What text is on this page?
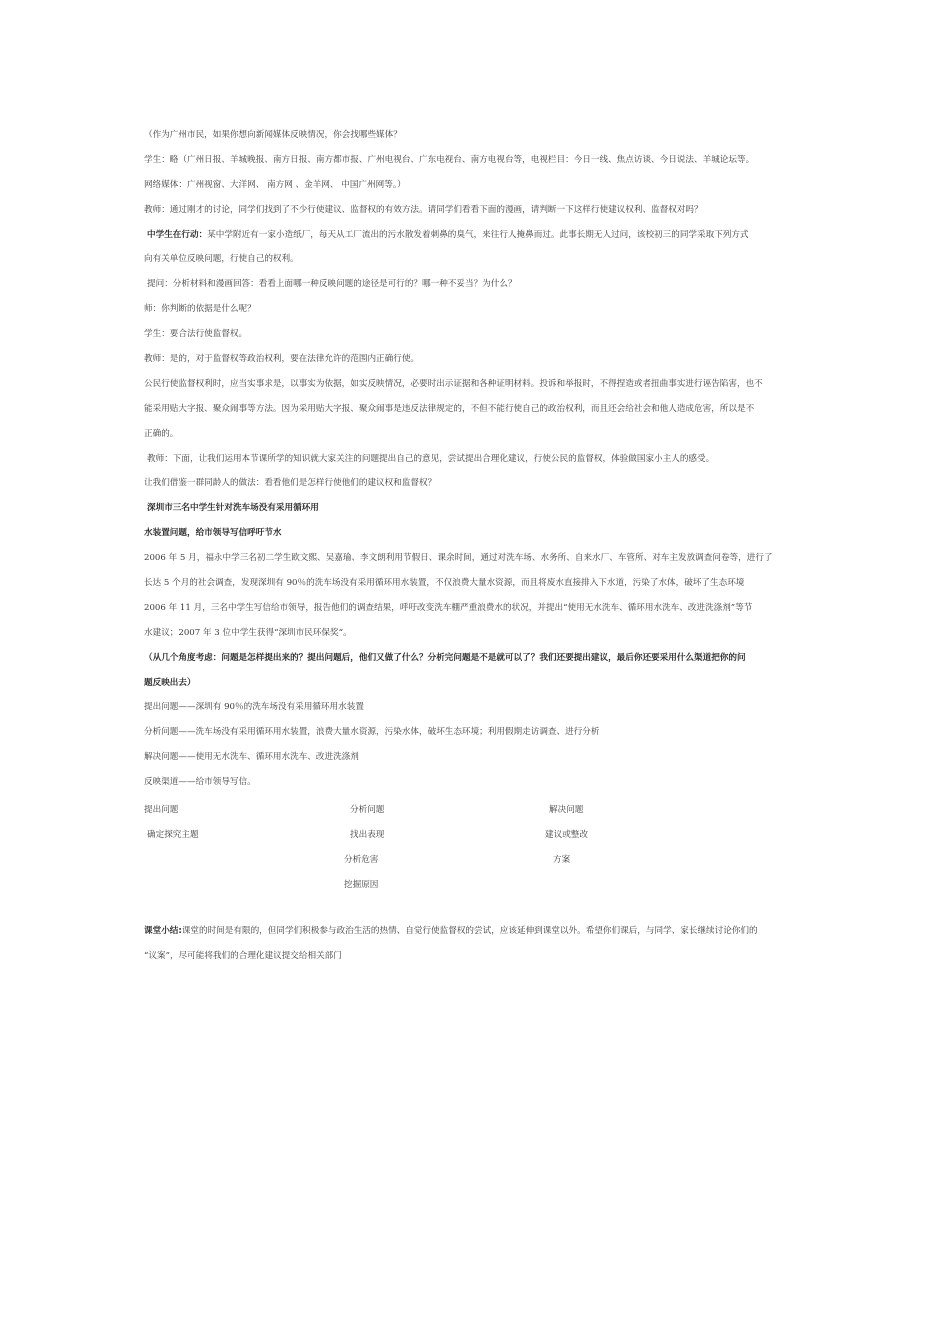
（作为广州市民，如果你想向新闻媒体反映情况，你会找哪些媒体？
学生：略（广州日报、羊城晚报、南方日报、南方都市报、广州电视台、广东电视台、南方电视台等，电视栏目：今日一线、焦点访谈、今日说法、羊城论坛等。
网络媒体：广州视窗、大洋网、 南方网 、金羊网、 中国广州网等。）
教师：通过刚才的讨论，同学们找到了不少行使建议、监督权的有效方法。请同学们看看下面的漫画，请判断一下这样行使建议权利、监督权对吗？
中学生在行动：某中学附近有一家小造纸厂，每天从工厂流出的污水散发着刺鼻的臭气，来往行人掩鼻而过。此事长期无人过问，该校初三的同学采取下列方式
向有关单位反映问题，行使自己的权利。
提问：分析材料和漫画回答：看看上面哪一种反映问题的途径是可行的？哪一种不妥当？为什么？
师：你判断的依据是什么呢？
学生：要合法行使监督权。
教师：是的，对于监督权等政治权利，要在法律允许的范围内正确行使。
公民行使监督权利时，应当实事求是，以事实为依据，如实反映情况，必要时出示证据和各种证明材料。投诉和举报时，不得捏造或者扭曲事实进行诬告陷害，也不
能采用贴大字报、聚众闹事等方法。因为采用贴大字报、聚众闹事是违反法律规定的，不但不能行使自己的政治权利，而且还会给社会和他人造成危害，所以是不
正确的。
教师：下面，让我们运用本节课所学的知识就大家关注的问题提出自己的意见，尝试提出合理化建议，行使公民的监督权，体验做国家小主人的感受。
让我们借鉴一群同龄人的做法：看看他们是怎样行使他们的建议权和监督权？
深圳市三名中学生针对洗车场没有采用循环用
水装置问题，给市领导写信呼吁节水
2006 年 5 月，福永中学三名初二学生欧文熙、吴嘉瑜、李文朗利用节假日、课余时间，通过对洗车场、水务所、自来水厂、车管所、对车主发放调查问卷等，进行了
长达 5 个月的社会调查，发现深圳有 90％的洗车场没有采用循环用水装置，不仅浪费大量水资源，而且将废水直接排入下水道，污染了水体，破坏了生态环境
2006 年 11 月，三名中学生写信给市领导，报告他们的调查结果，呼吁改变洗车棚严重浪费水的状况，并提出“使用无水洗车、循环用水洗车、改进洗涤剂”等节
水建议；2007 年 3 位中学生获得“深圳市民环保奖“。
（从几个角度考虑：问题是怎样提出来的？提出问题后，他们又做了什么？分析完问题是不是就可以了？我们还要提出建议，最后你还要采用什么渠道把你的问
题反映出去）
提出问题——深圳有 90％的洗车场没有采用循环用水装置
分析问题——洗车场没有采用循环用水装置，浪费大量水资源，污染水体，破坏生态环境；利用假期走访调查、进行分析
解决问题——使用无水洗车、循环用水洗车、改进洗涤剂
反映渠道——给市领导写信。
提出问题
确定探究主题
分析问题
找出表现
分析危害
挖掘原因
解决问题
建议或整改
方案
课堂小结:课堂的时间是有限的，但同学们积极参与政治生活的热情、自觉行使监督权的尝试，应该延伸到课堂以外。希望你们课后，与同学、家长继续讨论你们的
“议案”，尽可能将我们的合理化建议提交给相关部门
